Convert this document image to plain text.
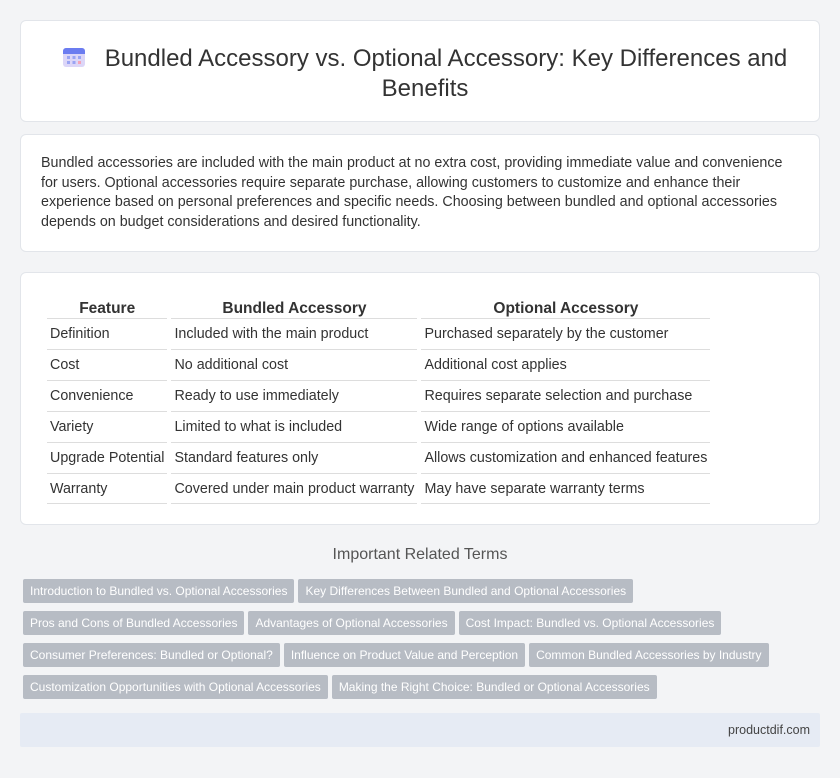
Bundled Accessory vs. Optional Accessory: Key Differences and Benefits

Bundled accessories are included with the main product at no extra cost, providing immediate value and convenience for users. Optional accessories require separate purchase, allowing customers to customize and enhance their experience based on personal preferences and specific needs. Choosing between bundled and optional accessories depends on budget considerations and desired functionality.

Feature	Bundled Accessory	Optional Accessory
Definition	Included with the main product	Purchased separately by the customer
Cost	No additional cost	Additional cost applies
Convenience	Ready to use immediately	Requires separate selection and purchase
Variety	Limited to what is included	Wide range of options available
Upgrade Potential	Standard features only	Allows customization and enhanced features
Warranty	Covered under main product warranty	May have separate warranty terms
Important Related Terms
Introduction to Bundled vs. Optional Accessories Key Differences Between Bundled and Optional Accessories
Pros and Cons of Bundled Accessories Advantages of Optional Accessories Cost Impact: Bundled vs. Optional Accessories
Consumer Preferences: Bundled or Optional? Influence on Product Value and Perception Common Bundled Accessories by Industry
Customization Opportunities with Optional Accessories Making the Right Choice: Bundled or Optional Accessories
productdif.com
